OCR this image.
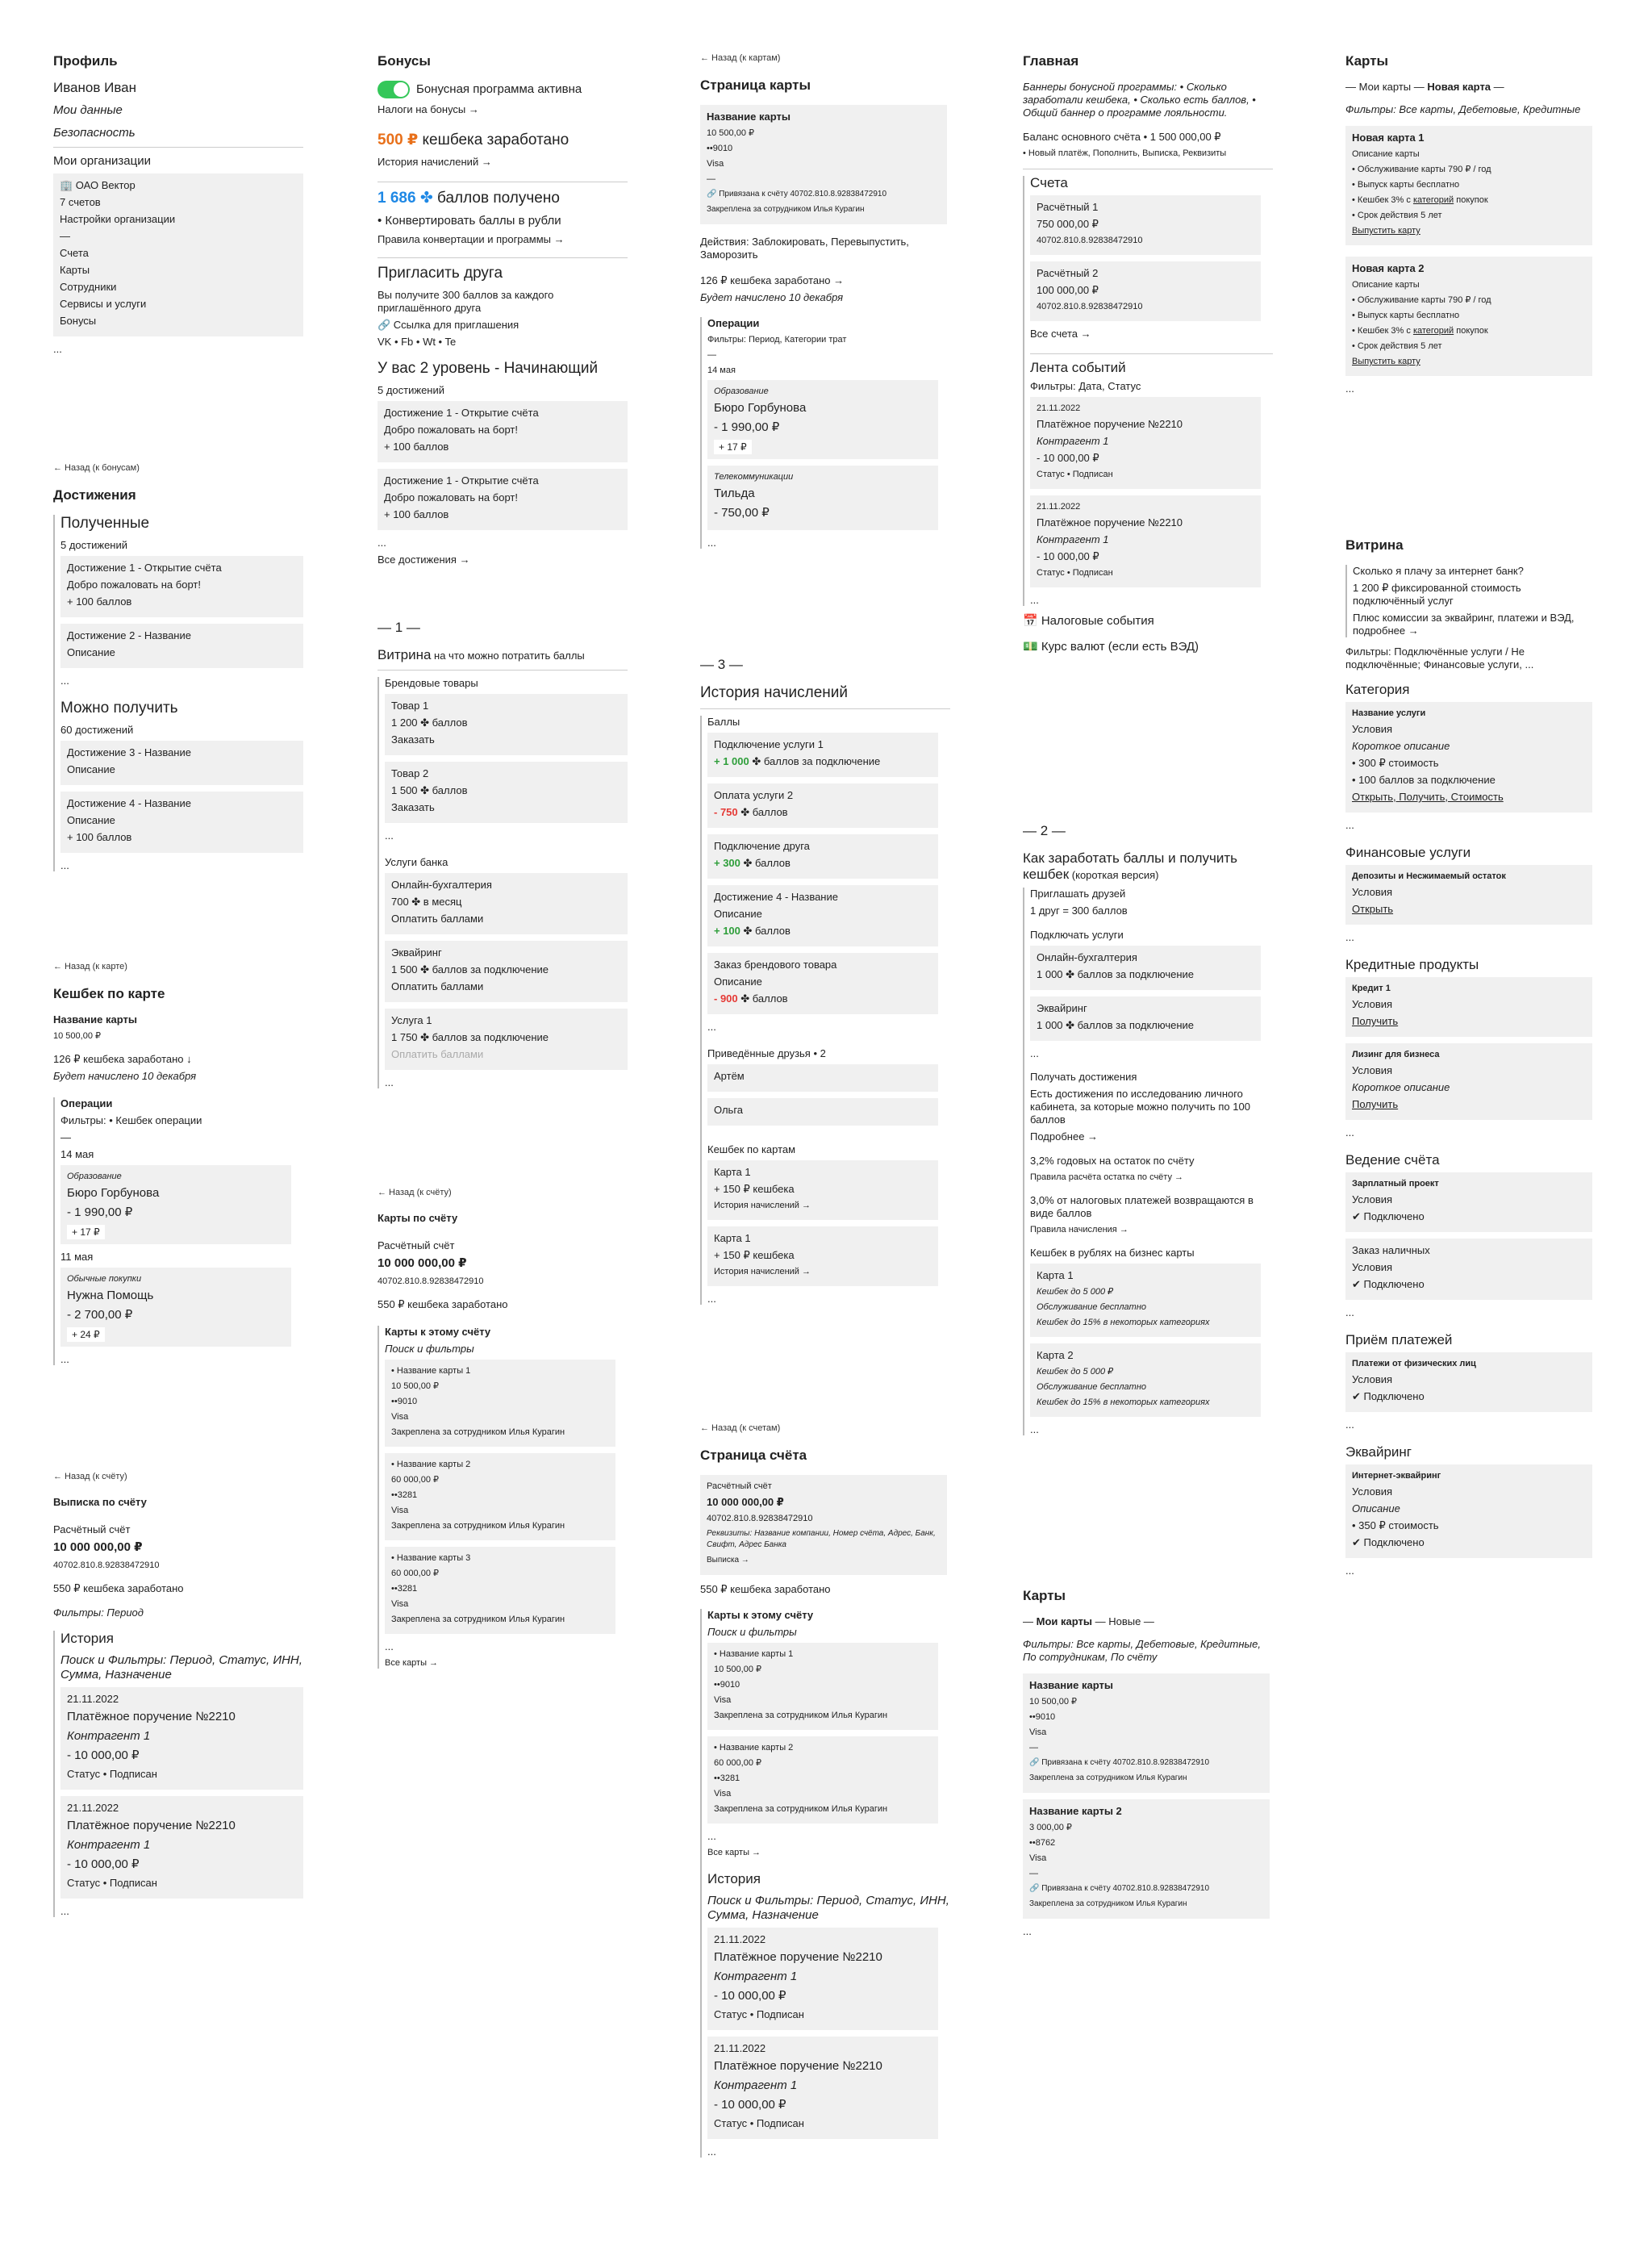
Профиль
Иванов Иван
Мои данные
Безопасность
Мои организации
🏢 ОАО Вектор
7 счетов
Настройки организации
—
Счета
Карты
Сотрудники
Сервисы и услуги
Бонусы
...
← Назад (к бонусам)
Достижения
Полученные
5 достижений
Достижение 1 - Открытие счёта
Добро пожаловать на борт!
+ 100 баллов
Достижение 2 - Название
Описание
...
Можно получить
60 достижений
Достижение 3 - Название
Описание
Достижение 4 - Название
Описание
+ 100 баллов
...
← Назад (к карте)
Кешбек по карте
Название карты
10 500,00 ₽
126 ₽ кешбека заработано ↓
Будет начислено 10 декабря
Операции
Фильтры: • Кешбек операции
—
14 мая
Образование
Бюро Горбунова
- 1 990,00 ₽
+ 17 ₽
11 мая
Обычные покупки
Нужна Помощь
- 2 700,00 ₽
+ 24 ₽
...
← Назад (к счёту)
Выписка по счёту
Расчётный счёт
10 000 000,00 ₽
40702.810.8.92838472910
550 ₽ кешбека заработано
Фильтры: Период
История
Поиск и Фильтры: Период, Статус, ИНН, Сумма, Назначение
21.11.2022
Платёжное поручение №2210
Контрагент 1
- 10 000,00 ₽
Статус • Подписан
21.11.2022
Платёжное поручение №2210
Контрагент 1
- 10 000,00 ₽
Статус • Подписан
...
Бонусы
Бонусная программа активна
Налоги на бонусы →
500 ₽ кешбека заработано
История начислений →
1 686 ✤ баллов получено
• Конвертировать баллы в рубли
Правила конвертации и программы →
Пригласить друга
Вы получите 300 баллов за каждого приглашённого друга
🔗 Ссылка для приглашения
VK • Fb • Wt • Te
У вас 2 уровень - Начинающий
5 достижений
Достижение 1 - Открытие счёта
Добро пожаловать на борт!
+ 100 баллов
Достижение 1 - Открытие счёта
Добро пожаловать на борт!
+ 100 баллов
...
Все достижения →
— 1 —
Витрина на что можно потратить баллы
Брендовые товары
Товар 1
1 200 ✤ баллов
Заказать
Товар 2
1 500 ✤ баллов
Заказать
...
Услуги банка
Онлайн-бухгалтерия
700 ✤ в месяц
Оплатить баллами
Эквайринг
1 500 ✤ баллов за подключение
Оплатить баллами
Услуга 1
1 750 ✤ баллов за подключение
Оплатить баллами
...
← Назад (к счёту)
Карты по счёту
Расчётный счёт
10 000 000,00 ₽
40702.810.8.92838472910
550 ₽ кешбека заработано
Карты к этому счёту
Поиск и фильтры
• Название карты 1
10 500,00 ₽
••9010
Visa
Закреплена за сотрудником Илья Курагин
• Название карты 2
60 000,00 ₽
••3281
Visa
Закреплена за сотрудником Илья Курагин
• Название карты 3
60 000,00 ₽
••3281
Visa
Закреплена за сотрудником Илья Курагин
...
Все карты →
← Назад (к картам)
Страница карты
Название карты
10 500,00 ₽
••9010
Visa
—
🔗 Привязана к счёту 40702.810.8.92838472910
Закреплена за сотрудником Илья Курагин
Действия: Заблокировать, Перевыпустить, Заморозить
126 ₽ кешбека заработано →
Будет начислено 10 декабря
Операции
Фильтры: Период, Категории трат
—
14 мая
Образование
Бюро Горбунова
- 1 990,00 ₽
+ 17 ₽
Телекоммуникации
Тильда
- 750,00 ₽
...
— 3 —
История начислений
Баллы
Подключение услуги 1
+ 1 000 ✤ баллов за подключение
Оплата услуги 2
- 750 ✤ баллов
Подключение друга
+ 300 ✤ баллов
Достижение 4 - Название
Описание
+ 100 ✤ баллов
Заказ брендового товара
Описание
- 900 ✤ баллов
...
Приведённые друзья • 2
Артём
Ольга
Кешбек по картам
Карта 1
+ 150 ₽ кешбека
История начислений →
Карта 1
+ 150 ₽ кешбека
История начислений →
...
← Назад (к счетам)
Страница счёта
Расчётный счёт
10 000 000,00 ₽
40702.810.8.92838472910
Реквизиты: Название компании, Номер счёта, Адрес, Банк, Свифт, Адрес Банка
Выписка →
550 ₽ кешбека заработано
Карты к этому счёту
Поиск и фильтры
• Название карты 1
10 500,00 ₽
••9010
Visa
Закреплена за сотрудником Илья Курагин
• Название карты 2
60 000,00 ₽
••3281
Visa
Закреплена за сотрудником Илья Курагин
...
Все карты →
История
Поиск и Фильтры: Период, Статус, ИНН, Сумма, Назначение
21.11.2022
Платёжное поручение №2210
Контрагент 1
- 10 000,00 ₽
Статус • Подписан
21.11.2022
Платёжное поручение №2210
Контрагент 1
- 10 000,00 ₽
Статус • Подписан
...
Главная
Баннеры бонусной программы: • Сколько заработали кешбека, • Сколько есть баллов, • Общий баннер о программе лояльности.
Баланс основного счёта • 1 500 000,00 ₽
• Новый платёж, Пополнить, Выписка, Реквизиты
Счета
Расчётный 1
750 000,00 ₽
40702.810.8.92838472910
Расчётный 2
100 000,00 ₽
40702.810.8.92838472910
Все счета →
Лента событий
Фильтры: Дата, Статус
21.11.2022
Платёжное поручение №2210
Контрагент 1
- 10 000,00 ₽
Статус • Подписан
21.11.2022
Платёжное поручение №2210
Контрагент 1
- 10 000,00 ₽
Статус • Подписан
...
📅 Налоговые события
💵 Курс валют (если есть ВЭД)
— 2 —
Как заработать баллы и получить кешбек (короткая версия)
Приглашать друзей
1 друг = 300 баллов
Подключать услуги
Онлайн-бухгалтерия
1 000 ✤ баллов за подключение
Эквайринг
1 000 ✤ баллов за подключение
...
Получать достижения
Есть достижения по исследованию личного кабинета, за которые можно получить по 100 баллов
Подробнее →
3,2% годовых на остаток по счёту
Правила расчёта остатка по счёту →
3,0% от налоговых платежей возвращаются в виде баллов
Правила начисления →
Кешбек в рублях на бизнес карты
Карта 1
Кешбек до 5 000 ₽
Обслуживание бесплатно
Кешбек до 15% в некоторых категориях
Карта 2
Кешбек до 5 000 ₽
Обслуживание бесплатно
Кешбек до 15% в некоторых категориях
...
Карты
— Мои карты — Новые —
Фильтры: Все карты, Дебетовые, Кредитные, По сотрудникам, По счёту
Название карты
10 500,00 ₽
••9010
Visa
—
🔗 Привязана к счёту 40702.810.8.92838472910
Закреплена за сотрудником Илья Курагин
Название карты 2
3 000,00 ₽
••8762
Visa
—
🔗 Привязана к счёту 40702.810.8.92838472910
Закреплена за сотрудником Илья Курагин
...
Карты
— Мои карты — Новая карта —
Фильтры: Все карты, Дебетовые, Кредитные
Новая карта 1
Описание карты
• Обслуживание карты 790 ₽ / год
• Выпуск карты бесплатно
• Кешбек 3% с категорий покупок
• Срок действия 5 лет
Выпустить карту
Новая карта 2
Описание карты
• Обслуживание карты 790 ₽ / год
• Выпуск карты бесплатно
• Кешбек 3% с категорий покупок
• Срок действия 5 лет
Выпустить карту
...
Витрина
Сколько я плачу за интернет банк?
1 200 ₽ фиксированной стоимость подключённый услуг
Плюс комиссии за эквайринг, платежи и ВЭД, подробнее →
Фильтры: Подключённые услуги / Не подключённые; Финансовые услуги, ...
Категория
Название услуги
Условия
Короткое описание
• 300 ₽ стоимость
• 100 баллов за подключение
Открыть, Получить, Стоимость
...
Финансовые услуги
Депозиты и Несжимаемый остаток
Условия
Открыть
...
Кредитные продукты
Кредит 1
Условия
Получить
Лизинг для бизнеса
Условия
Короткое описание
Получить
...
Ведение счёта
Зарплатный проект
Условия
✔ Подключено
Заказ наличных
Условия
✔ Подключено
...
Приём платежей
Платежи от физических лиц
Условия
✔ Подключено
...
Эквайринг
Интернет-эквайринг
Условия
Описание
• 350 ₽ стоимость
✔ Подключено
...
